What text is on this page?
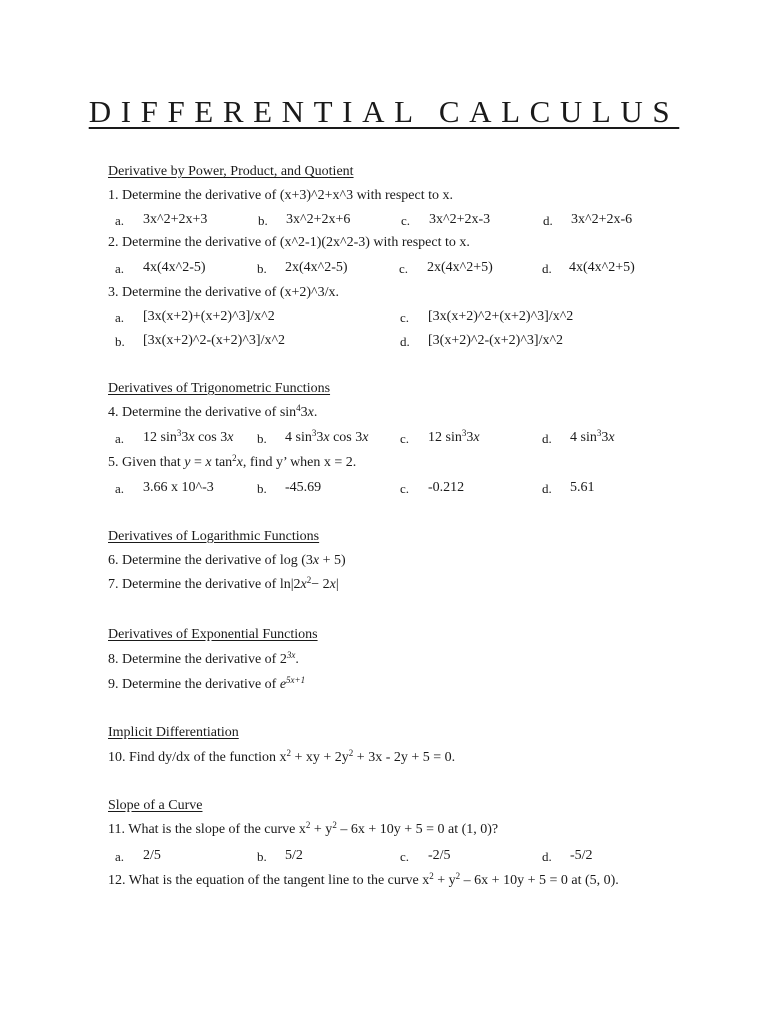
DIFFERENTIAL CALCULUS
Derivative by Power, Product, and Quotient
1. Determine the derivative of (x+3)^2+x^3 with respect to x.
a. 3x^2+2x+3	b. 3x^2+2x+6	c. 3x^2+2x-3	d. 3x^2+2x-6
2. Determine the derivative of (x^2-1)(2x^2-3) with respect to x.
a. 4x(4x^2-5)	b. 2x(4x^2-5)	c. 2x(4x^2+5)	d. 4x(4x^2+5)
3. Determine the derivative of (x+2)^3/x.
a. [3x(x+2)+(x+2)^3]/x^2	c. [3x(x+2)^2+(x+2)^3]/x^2
b. [3x(x+2)^2-(x+2)^3]/x^2	d. [3(x+2)^2-(x+2)^3]/x^2
Derivatives of Trigonometric Functions
4. Determine the derivative of $\sin^43x$.
a. 12 $\sin^33x$ cos 3x b. 4 $\sin^33x$ cos 3x c. 12 $\sin^33x$	d. 4 $\sin^33x$
5. Given that y = x $\tan^2x$, find y’ when x = 2.
a. 3.66 x 10^-3	b. -45.69	c. -0.212	d. 5.61
Derivatives of Logarithmic Functions
6. Determine the derivative of log (3x + 5)
7. Determine the derivative of $\ln|2x^2- 2x|$
Derivatives of Exponential Functions
8. Determine the derivative of $2^{3x}$.
9. Determine the derivative of $e^{5x+1}$
Implicit Differentiation
10. Find dy/dx of the function $x^2$ + xy + $2y^2 + 3x - 2y + 5 = 0$.
Slope of a Curve
11. What is the slope of the curve $x^2 + y^2 - 6x + 10y + 5 = 0$ at (1, 0)?
a. 2/5	b. 5/2	c. -2/5	d. -5/2
12. What is the equation of the tangent line to the curve $x^2 + y^2 - 6x + 10y + 5 = 0$ at (5, 0).
